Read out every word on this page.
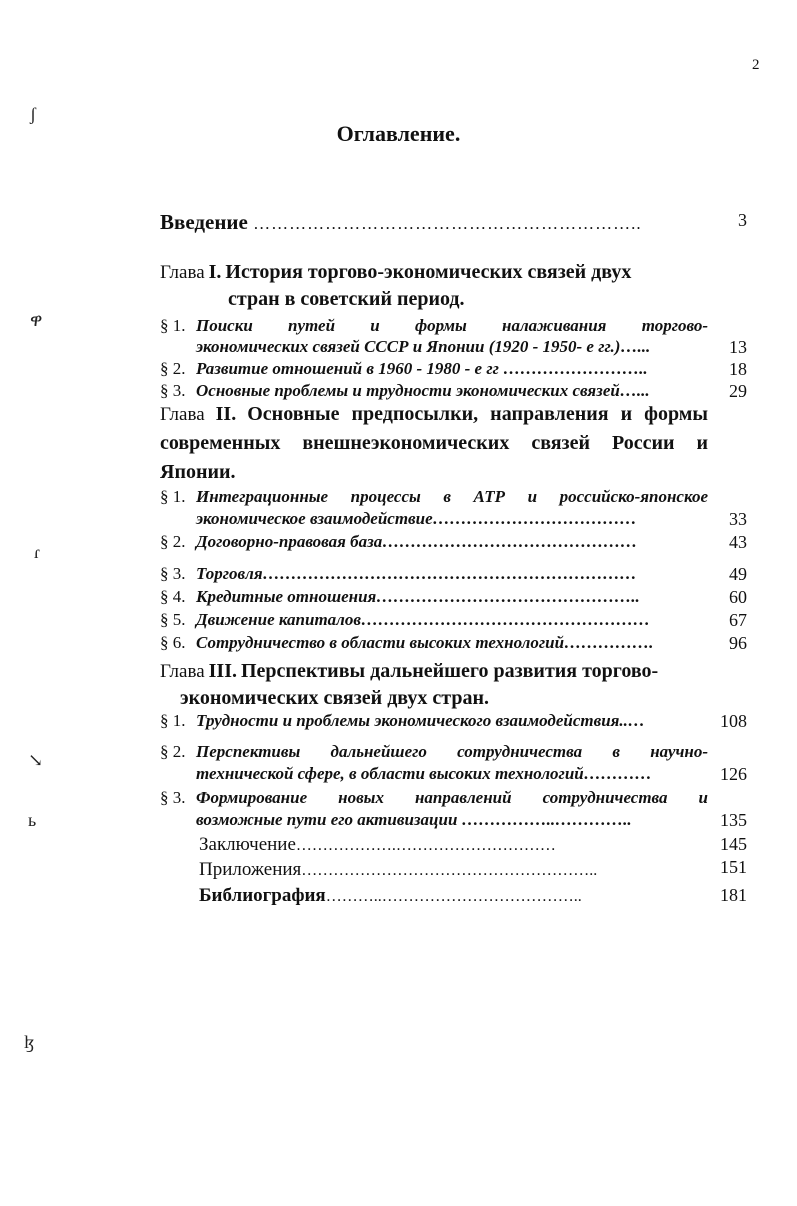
ʃ
ዋ
ɾ
↘
ь
ɮ
2
Оглавление.
Введение ………………………………………………………..	3
Глава I. История торгово-экономических связей двух
стран в советский период.
§ 1. Поиски путей и формы налаживания торгово-
экономических связей СССР и Японии (1920 - 1950- е гг.)…...	13
§ 2. Развитие отношений в 1960 - 1980 - е гг ……………………..	18
§ 3. Основные проблемы и трудности экономических связей…...	29
Глава II. Основные предпосылки, направления и формы
современных внешнеэкономических связей России и
Японии.
§ 1. Интеграционные процессы в АТР и российско-японское
экономическое взаимодействие………………………………	33
§ 2. Договорно-правовая база………………………………………	43
§ 3. Торговля…………………………………………………………	49
§ 4. Кредитные отношения………………………………………..	60
§ 5. Движение капиталов……………………………………………	67
§ 6. Сотрудничество в области высоких технологий…………….	96
Глава III. Перспективы дальнейшего развития торгово-
экономических связей двух стран.
§ 1. Трудности и проблемы экономического взаимодействия..…	108
§ 2. Перспективы дальнейшего сотрудничества в научно-
технической сфере, в области высоких технологий…………	126
§ 3. Формирование новых направлений сотрудничества и
возможные пути его активизации ……………..…………..	135
Заключение……………….…………………………	145
Приложения………………………………………………..	151
Библиография………..………………………………..	181
